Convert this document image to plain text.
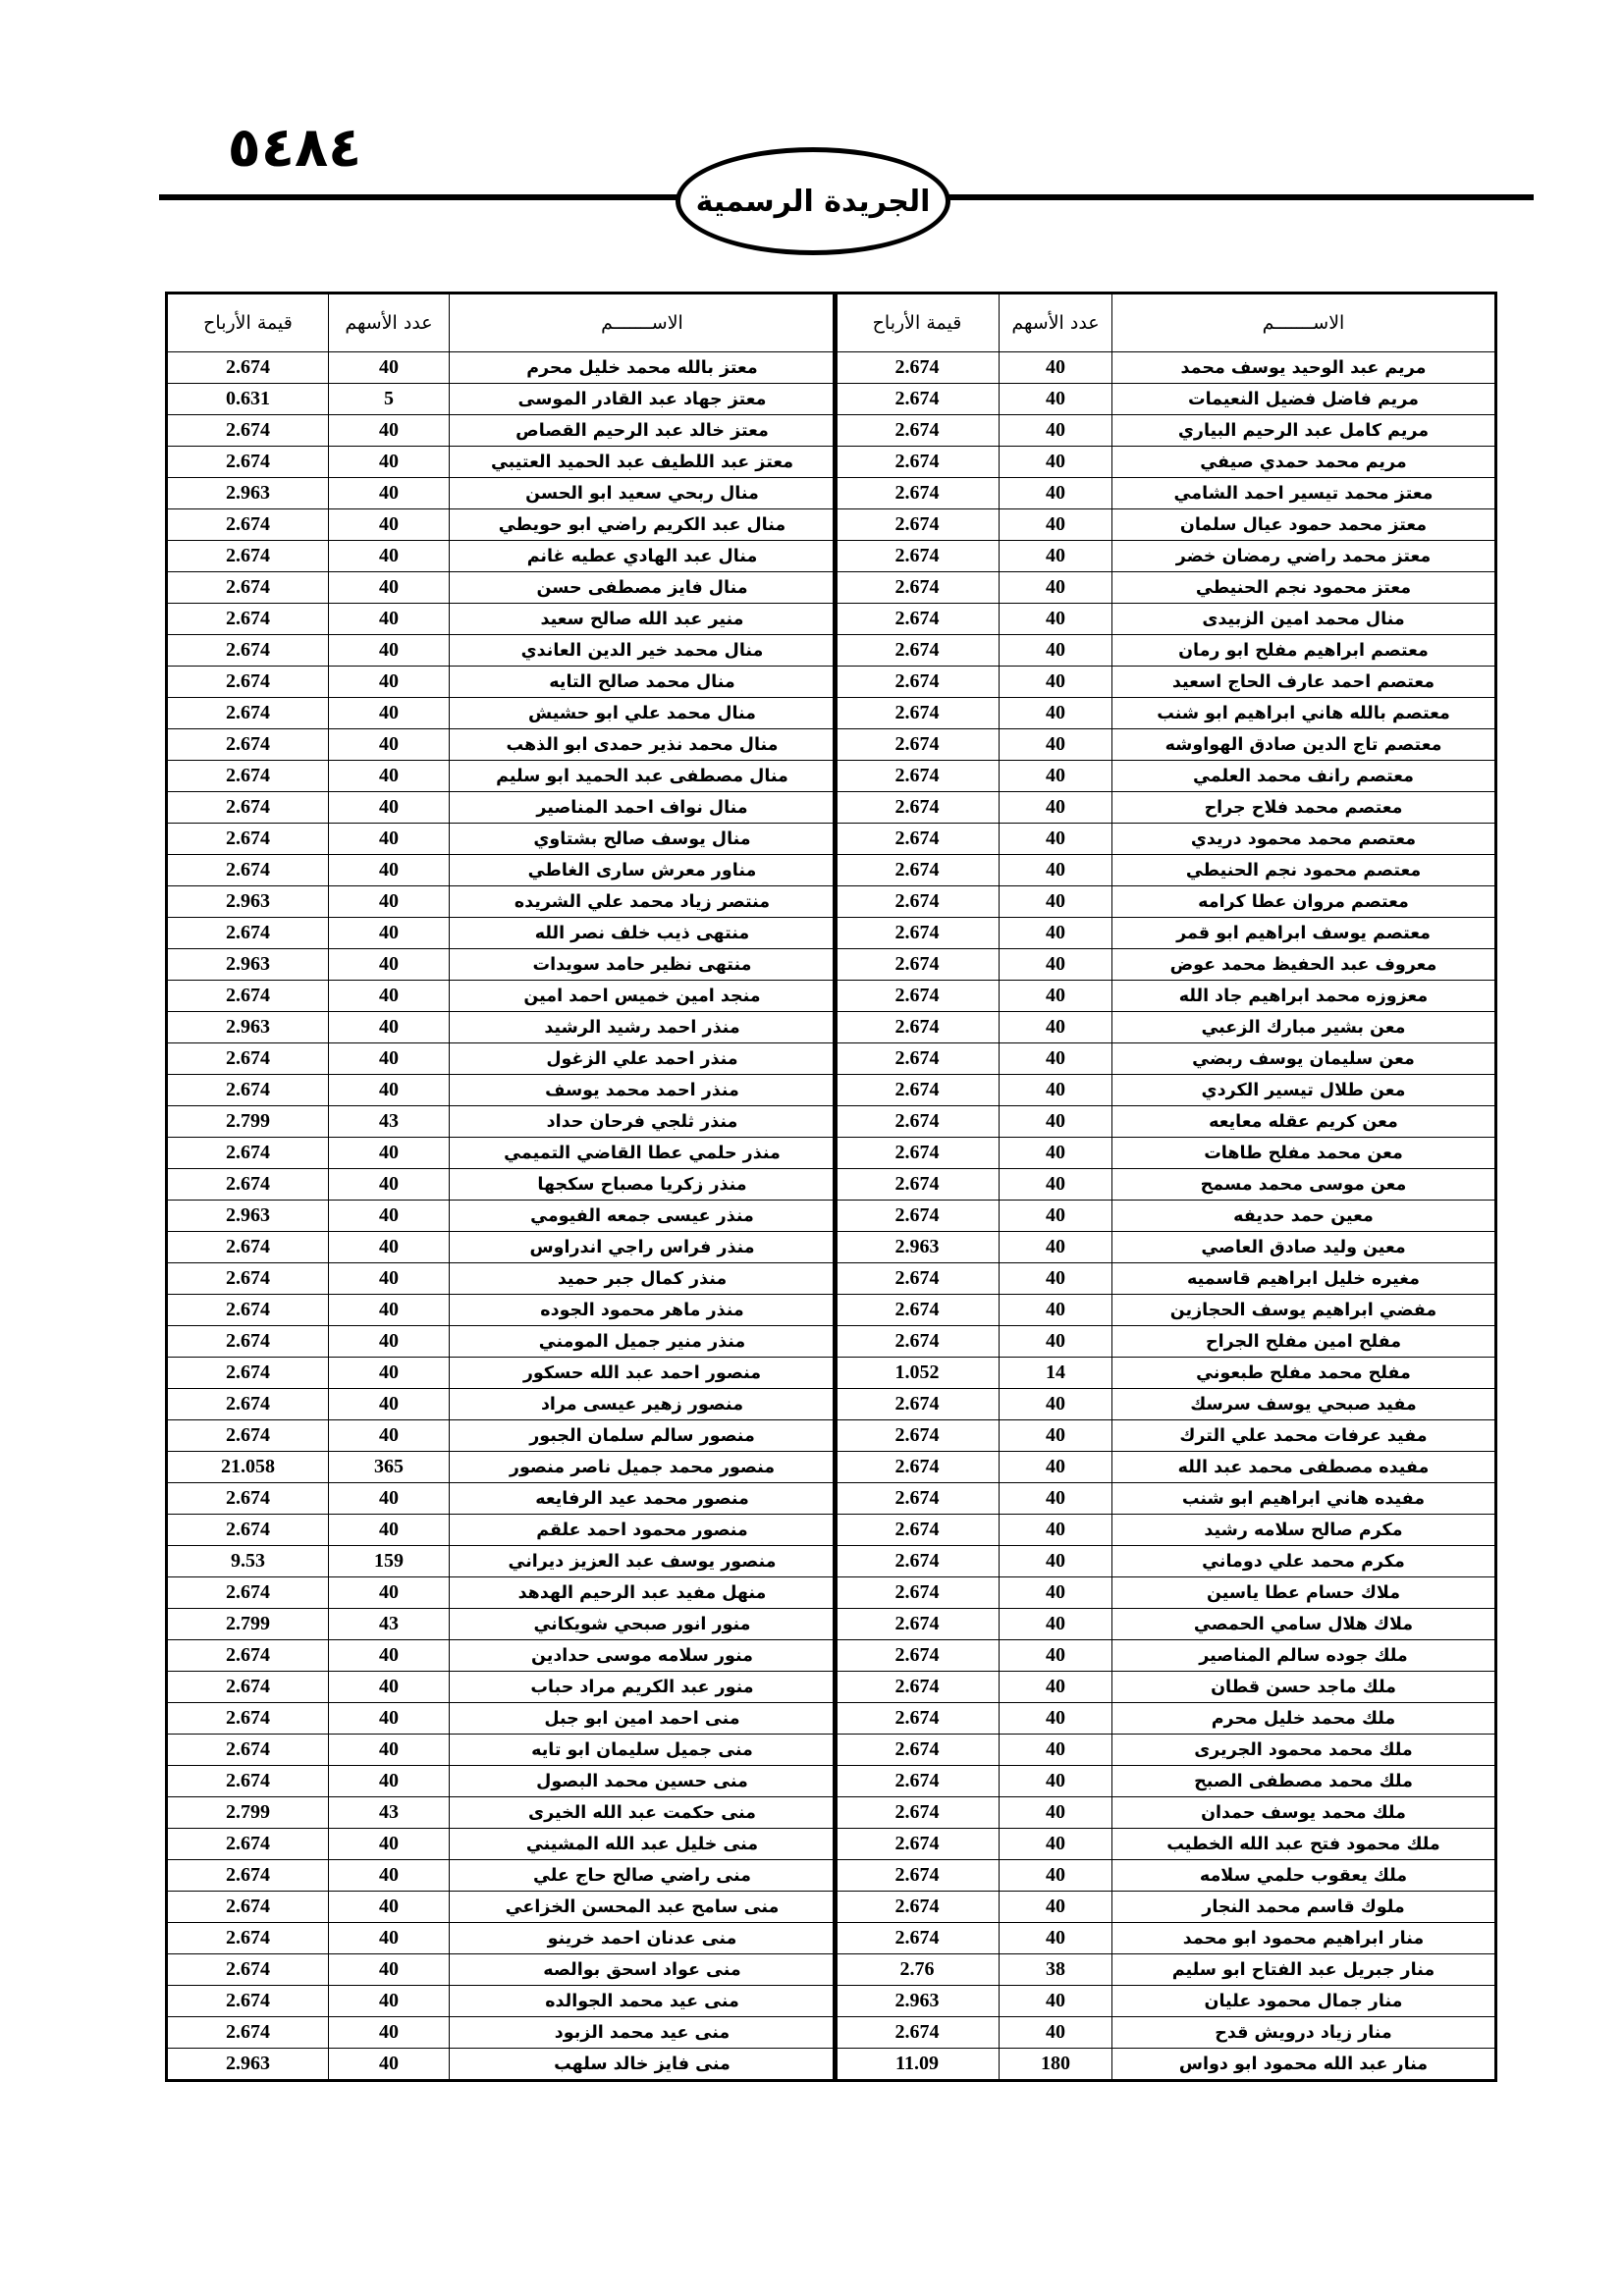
٥٤٨٤
الجريدة الرسمية
قيمة الأرباح	عدد الأسهم	الاســـــــم
2.674	40	معتز بالله محمد خليل محرم
0.631	5	معتز جهاد عبد القادر الموسى
2.674	40	معتز خالد عبد الرحيم القصاص
2.674	40	معتز عبد اللطيف عبد الحميد العتيبي
2.963	40	منال ربحي سعيد ابو الحسن
2.674	40	منال عبد الكريم راضي ابو حويطي
2.674	40	منال عبد الهادي عطيه غانم
2.674	40	منال فايز مصطفى حسن
2.674	40	منير عبد الله صالح سعيد
2.674	40	منال محمد خير الدين العاندي
2.674	40	منال محمد صالح التايه
2.674	40	منال محمد علي ابو حشيش
2.674	40	منال محمد نذير حمدى ابو الذهب
2.674	40	منال مصطفى عبد الحميد ابو سليم
2.674	40	منال نواف احمد المناصير
2.674	40	منال يوسف صالح بشتاوي
2.674	40	مناور معرش سارى الغاطي
2.963	40	منتصر زياد محمد علي الشريده
2.674	40	منتهى ذيب خلف نصر الله
2.963	40	منتهى نظير حامد سويدات
2.674	40	منجد امين خميس احمد امين
2.963	40	منذر احمد رشيد الرشيد
2.674	40	منذر احمد علي الزغول
2.674	40	منذر احمد محمد يوسف
2.799	43	منذر ثلجي فرحان حداد
2.674	40	منذر حلمي عطا القاضي التميمي
2.674	40	منذر زكريا مصباح سكجها
2.963	40	منذر عيسى جمعه الفيومي
2.674	40	منذر فراس راجي اندراوس
2.674	40	منذر كمال جبر حميد
2.674	40	منذر ماهر محمود الجوده
2.674	40	منذر منير جميل المومني
2.674	40	منصور احمد عبد الله حسكور
2.674	40	منصور زهير عيسى مراد
2.674	40	منصور سالم سلمان الجبور
21.058	365	منصور محمد جميل ناصر منصور
2.674	40	منصور محمد عيد الرفايعه
2.674	40	منصور محمود احمد علقم
9.53	159	منصور يوسف عبد العزيز ديراني
2.674	40	منهل مفيد عبد الرحيم الهدهد
2.799	43	منور انور صبحي شويكاني
2.674	40	منور سلامه موسى حدادين
2.674	40	منور عبد الكريم مراد حباب
2.674	40	منى احمد امين ابو جبل
2.674	40	منى جميل سليمان ابو تايه
2.674	40	منى حسين محمد البصول
2.799	43	منى حكمت عبد الله الخيرى
2.674	40	منى خليل عبد الله المشيني
2.674	40	منى راضي صالح حاج علي
2.674	40	منى سامح عبد المحسن الخزاعي
2.674	40	منى عدنان احمد خرينو
2.674	40	منى عواد اسحق بوالصه
2.674	40	منى عيد محمد الجوالده
2.674	40	منى عيد محمد الزبود
2.963	40	منى فايز خالد سلهب
قيمة الأرباح	عدد الأسهم	الاســـــــم
2.674	40	مريم عبد الوحيد يوسف محمد
2.674	40	مريم فاضل فضيل النعيمات
2.674	40	مريم كامل عبد الرحيم البياري
2.674	40	مريم محمد حمدي صيفي
2.674	40	معتز محمد تيسير احمد الشامي
2.674	40	معتز محمد حمود عيال سلمان
2.674	40	معتز محمد راضي رمضان خضر
2.674	40	معتز محمود نجم الحنيطي
2.674	40	منال محمد امين الزبيدى
2.674	40	معتصم ابراهيم مفلح ابو رمان
2.674	40	معتصم احمد عارف الحاج اسعيد
2.674	40	معتصم بالله هاني ابراهيم ابو شنب
2.674	40	معتصم تاج الدين صادق الهواوشه
2.674	40	معتصم رانف محمد العلمي
2.674	40	معتصم محمد فلاح جراح
2.674	40	معتصم محمد محمود دريدي
2.674	40	معتصم محمود نجم الحنيطي
2.674	40	معتصم مروان عطا كرامه
2.674	40	معتصم يوسف ابراهيم ابو قمر
2.674	40	معروف عبد الحفيظ محمد عوض
2.674	40	معزوزه محمد ابراهيم جاد الله
2.674	40	معن بشير مبارك الزعبي
2.674	40	معن سليمان يوسف ربضي
2.674	40	معن طلال تيسير الكردي
2.674	40	معن كريم عقله معايعه
2.674	40	معن محمد مفلح طاهات
2.674	40	معن موسى محمد مسمح
2.674	40	معين حمد حديفه
2.963	40	معين وليد صادق العاصي
2.674	40	مغيره خليل ابراهيم قاسميه
2.674	40	مفضي ابراهيم يوسف الحجازين
2.674	40	مفلح امين مفلح الجراح
1.052	14	مفلح محمد مفلح طبعوني
2.674	40	مفيد صبحي يوسف سرسك
2.674	40	مفيد عرفات محمد علي الترك
2.674	40	مفيده مصطفى محمد عبد الله
2.674	40	مفيده هاني ابراهيم ابو شنب
2.674	40	مكرم صالح سلامه رشيد
2.674	40	مكرم محمد علي دوماني
2.674	40	ملاك حسام عطا ياسين
2.674	40	ملاك هلال سامي الحمصي
2.674	40	ملك جوده سالم المناصير
2.674	40	ملك ماجد حسن قطان
2.674	40	ملك محمد خليل محرم
2.674	40	ملك محمد محمود الجريرى
2.674	40	ملك محمد مصطفى الصبح
2.674	40	ملك محمد يوسف حمدان
2.674	40	ملك محمود فتح عبد الله الخطيب
2.674	40	ملك يعقوب حلمي سلامه
2.674	40	ملوك قاسم محمد النجار
2.674	40	منار ابراهيم محمود ابو محمد
2.76	38	منار جبريل عبد الفتاح ابو سليم
2.963	40	منار جمال محمود عليان
2.674	40	منار زياد درويش قدح
11.09	180	منار عبد الله محمود ابو دواس
